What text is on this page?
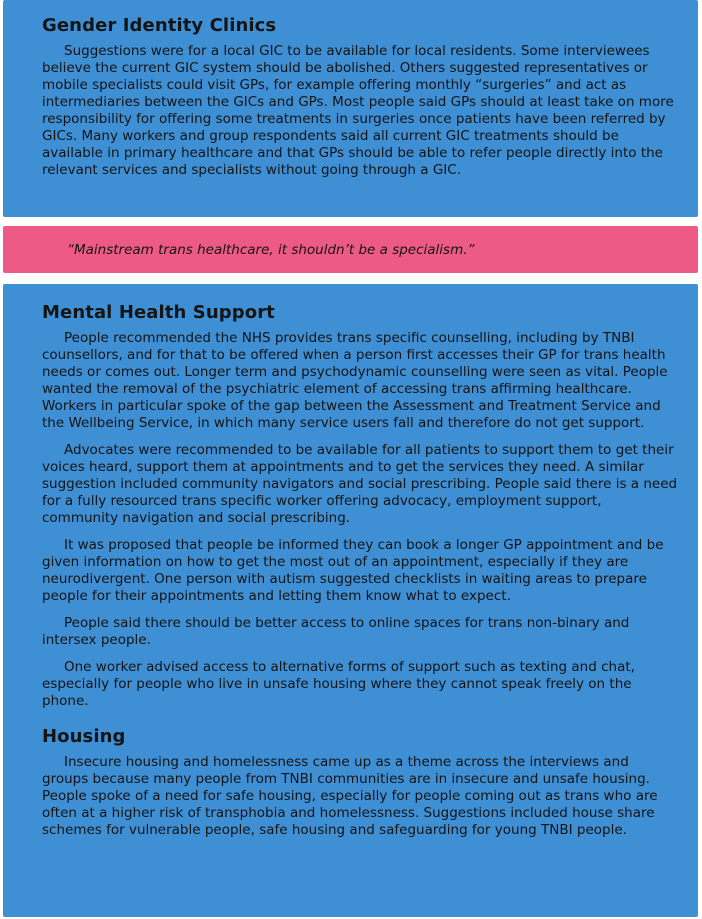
Gender Identity Clinics

Suggestions were for a local GIC to be available for local residents. Some interviewees believe the current GIC system should be abolished. Others suggested representatives or mobile specialists could visit GPs, for example offering monthly “surgeries” and act as intermediaries between the GICs and GPs. Most people said GPs should at least take on more responsibility for offering some treatments in surgeries once patients have been referred by GICs. Many workers and group respondents said all current GIC treatments should be available in primary healthcare and that GPs should be able to refer people directly into the relevant services and specialists without going through a GIC.

“Mainstream trans healthcare, it shouldn’t be a specialism.”
Mental Health Support

People recommended the NHS provides trans specific counselling, including by TNBI counsellors, and for that to be offered when a person first accesses their GP for trans health needs or comes out. Longer term and psychodynamic counselling were seen as vital. People wanted the removal of the psychiatric element of accessing trans affirming healthcare. Workers in particular spoke of the gap between the Assessment and Treatment Service and the Wellbeing Service, in which many service users fall and therefore do not get support.

Advocates were recommended to be available for all patients to support them to get their voices heard, support them at appointments and to get the services they need. A similar suggestion included community navigators and social prescribing. People said there is a need for a fully resourced trans specific worker offering advocacy, employment support, community navigation and social prescribing.

It was proposed that people be informed they can book a longer GP appointment and be given information on how to get the most out of an appointment, especially if they are neurodivergent. One person with autism suggested checklists in waiting areas to prepare people for their appointments and letting them know what to expect.

People said there should be better access to online spaces for trans non-binary and intersex people.

One worker advised access to alternative forms of support such as texting and chat, especially for people who live in unsafe housing where they cannot speak freely on the phone.

Housing

Insecure housing and homelessness came up as a theme across the interviews and groups because many people from TNBI communities are in insecure and unsafe housing. People spoke of a need for safe housing, especially for people coming out as trans who are often at a higher risk of transphobia and homelessness. Suggestions included house share schemes for vulnerable people, safe housing and safeguarding for young TNBI people.
